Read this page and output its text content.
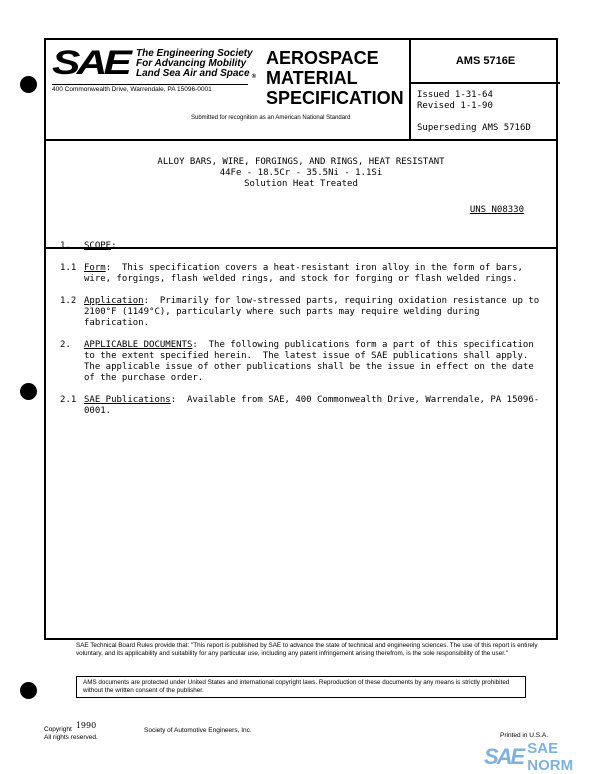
SAE The Engineering Society
For Advancing Mobility
Land Sea Air and Space $_®$
400 Commonwealth Drive, Warrendale, PA 15096-0001
AEROSPACE
MATERIAL
SPECIFICATION
Submitted for recognition as an American National Standard
AMS 5716E
Issued 1-31-64
Revised 1-1-90
Superseding AMS 5716D
ALLOY BARS, WIRE, FORGINGS, AND RINGS, HEAT RESISTANT
44Fe - 18.5Cr - 35.5Ni - 1.1Si
Solution Heat Treated
UNS N08330
1.	SCOPE:
1.1 Form:  This specification covers a heat-resistant iron alloy in the form of bars, wire, forgings, flash welded rings, and stock for forging or flash welded rings.
1.2 Application:  Primarily for low-stressed parts, requiring oxidation resistance up to 2100°F (1149°C), particularly where such parts may require welding during fabrication.
2.	APPLICABLE DOCUMENTS:  The following publications form a part of this specification to the extent specified herein.  The latest issue of SAE publications shall apply.  The applicable issue of other publications shall be the issue in effect on the date of the purchase order.
2.1 SAE Publications:  Available from SAE, 400 Commonwealth Drive, Warrendale, PA 15096-0001.
SAE Technical Board Rules provide that: "This report is published by SAE to advance the state of technical and engineering sciences. The use of this report is entirely voluntary, and its applicability and suitability for any particular use, including any patent infringement arising therefrom, is the sole responsibility of the user."
AMS documents are protected under United States and international copyright laws. Reproduction of these documents by any means is strictly prohibited without the written consent of the publisher.
Copyright 1990
All rights reserved.
Society of Automotive Engineers, Inc.
Printed in U.S.A.
SAE SAE NORM
